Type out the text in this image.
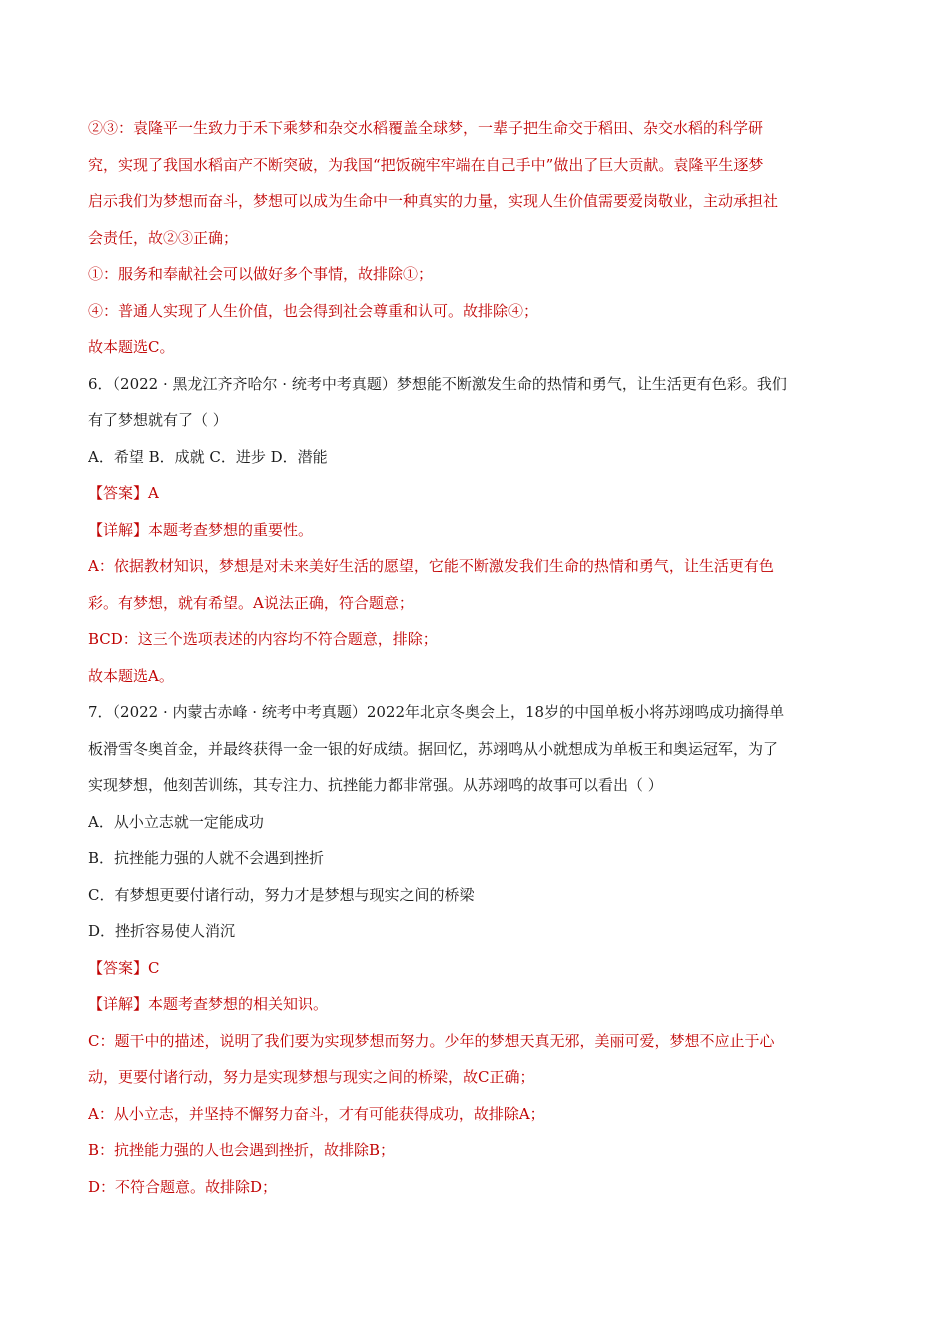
②③：袁隆平一生致力于禾下乘梦和杂交水稻覆盖全球梦，一辈子把生命交于稻田、杂交水稻的科学研

究，实现了我国水稻亩产不断突破，为我国“把饭碗牢牢端在自己手中”做出了巨大贡献。袁隆平生逐梦

启示我们为梦想而奋斗，梦想可以成为生命中一种真实的力量，实现人生价值需要爱岗敬业，主动承担社

会责任，故②③正确；

①：服务和奉献社会可以做好多个事情，故排除①；

④：普通人实现了人生价值，也会得到社会尊重和认可。故排除④；

故本题选C。

6．（2022 · 黑龙江齐齐哈尔 · 统考中考真题）梦想能不断激发生命的热情和勇气，让生活更有色彩。我们

有了梦想就有了（ ）

A．希望 B．成就 C．进步 D．潜能

【答案】A

【详解】本题考查梦想的重要性。

A：依据教材知识，梦想是对未来美好生活的愿望，它能不断激发我们生命的热情和勇气，让生活更有色

彩。有梦想，就有希望。A说法正确，符合题意；

BCD：这三个选项表述的内容均不符合题意，排除；

故本题选A。

7．（2022 · 内蒙古赤峰 · 统考中考真题）2022年北京冬奥会上，18岁的中国单板小将苏翊鸣成功摘得单

板滑雪冬奥首金，并最终获得一金一银的好成绩。据回忆，苏翊鸣从小就想成为单板王和奥运冠军，为了

实现梦想，他刻苦训练，其专注力、抗挫能力都非常强。从苏翊鸣的故事可以看出（ ）

A．从小立志就一定能成功

B．抗挫能力强的人就不会遇到挫折

C．有梦想更要付诸行动，努力才是梦想与现实之间的桥梁

D．挫折容易使人消沉

【答案】C

【详解】本题考查梦想的相关知识。

C：题干中的描述，说明了我们要为实现梦想而努力。少年的梦想天真无邪，美丽可爱，梦想不应止于心

动，更要付诸行动，努力是实现梦想与现实之间的桥梁，故C正确；

A：从小立志，并坚持不懈努力奋斗，才有可能获得成功，故排除A；

B：抗挫能力强的人也会遇到挫折，故排除B；

D：不符合题意。故排除D；
